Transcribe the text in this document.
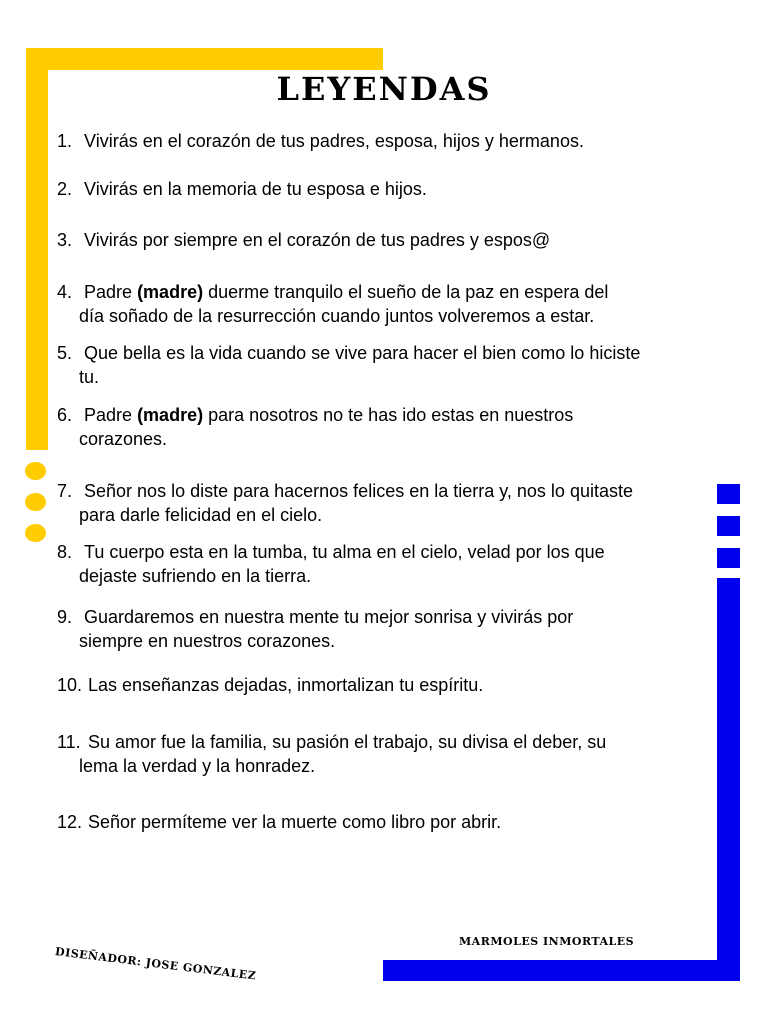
LEYENDAS
1.
Vivirás en el corazón de tus padres, esposa, hijos y hermanos.
2.
Vivirás en la memoria de tu esposa e hijos.
3.
Vivirás por siempre en el corazón de tus padres y espos@
4.
Padre (madre) duerme tranquilo el sueño de la paz en espera del
día soñado de la resurrección cuando juntos volveremos a estar.
5.
Que bella es la vida cuando se vive para hacer el bien como lo hiciste
tu.
6.
Padre (madre) para nosotros no te has ido estas en nuestros
corazones.
7.
Señor nos lo diste para hacernos felices en la tierra y, nos lo quitaste
para darle felicidad en el cielo.
8.
Tu cuerpo esta en la tumba, tu alma en el cielo, velad por los que
dejaste sufriendo en la tierra.
9.
Guardaremos en nuestra mente tu mejor sonrisa y vivirás por
siempre en nuestros corazones.
10. Las enseñanzas dejadas, inmortalizan tu espíritu.
11. Su amor fue la familia, su pasión el trabajo, su divisa el deber, su
lema la verdad y la honradez.
12. Señor permíteme ver la muerte como libro por abrir.
DISEÑADOR: JOSE GONZALEZ
MARMOLES INMORTALES
